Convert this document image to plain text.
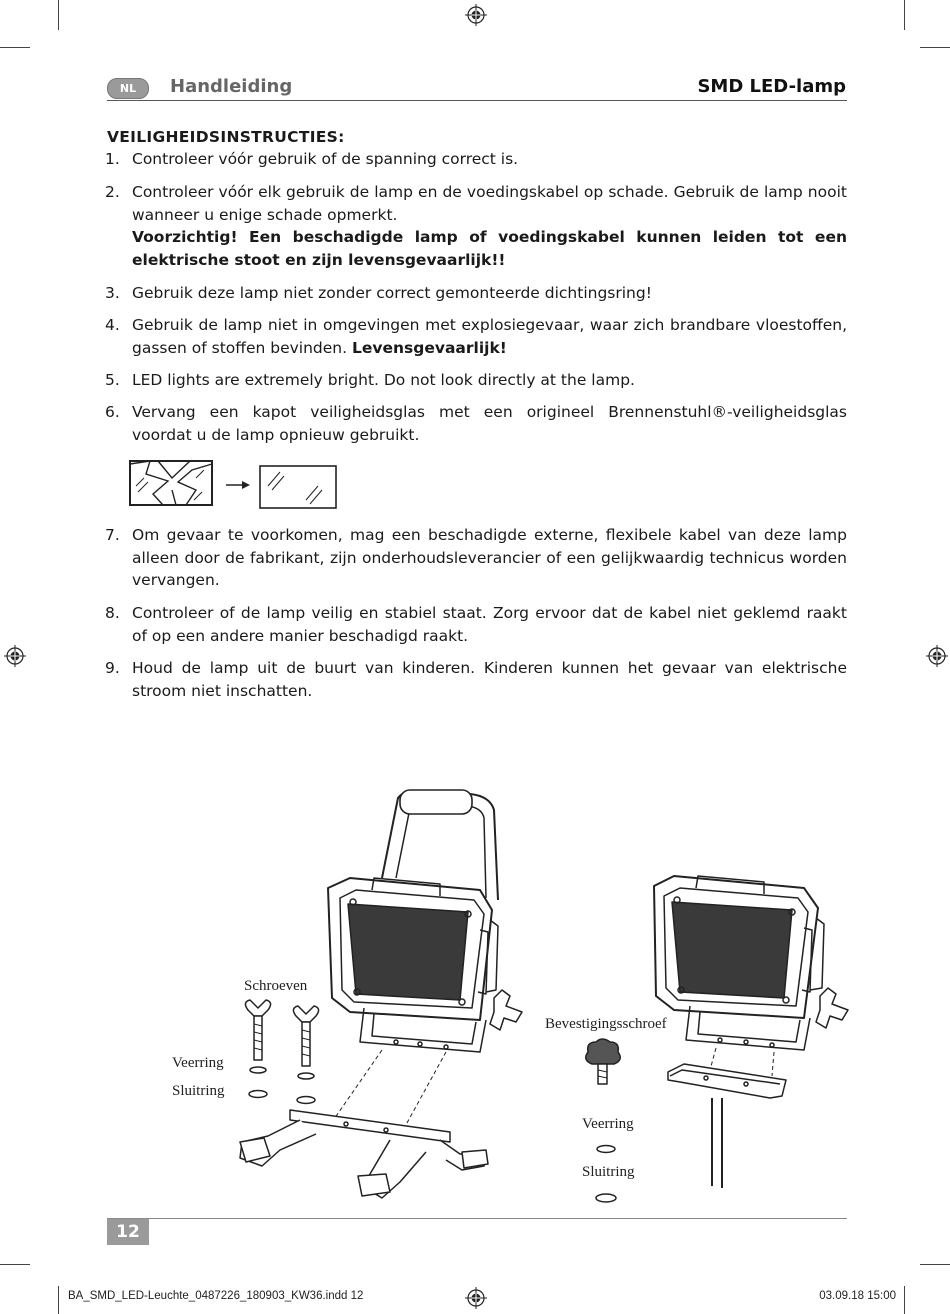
NL	Handleiding	SMD LED-lamp
VEILIGHEIDSINSTRUCTIES:
1. Controleer vóór gebruik of de spanning correct is.
2. Controleer vóór elk gebruik de lamp en de voedingskabel op schade. Gebruik de lamp nooit wanneer u enige schade opmerkt.
Voorzichtig! Een beschadigde lamp of voedingskabel kunnen leiden tot een elektrische stoot en zijn levensgevaarlijk!!
3. Gebruik deze lamp niet zonder correct gemonteerde dichtingsring!
4. Gebruik de lamp niet in omgevingen met explosiegevaar, waar zich brandbare vloestoffen, gassen of stoffen bevinden. Levensgevaarlijk!
5. LED lights are extremely bright. Do not look directly at the lamp.
6. Vervang een kapot veiligheidsglas met een origineel Brennenstuhl®-veiligheidsglas voordat u de lamp opnieuw gebruikt.
7. Om gevaar te voorkomen, mag een beschadigde externe, flexibele kabel van deze lamp alleen door de fabrikant, zijn onderhoudsleverancier of een gelijkwaardig technicus worden vervangen.
8. Controleer of de lamp veilig en stabiel staat. Zorg ervoor dat de kabel niet geklemd raakt of op een andere manier beschadigd raakt.
9. Houd de lamp uit de buurt van kinderen. Kinderen kunnen het gevaar van elektrische stroom niet inschatten.
Schroeven
Veerring
Sluitring
Bevestigingsschroef
Veerring
Sluitring
12
BA_SMD_LED-Leuchte_0487226_180903_KW36.indd 12	03.09.18 15:00
